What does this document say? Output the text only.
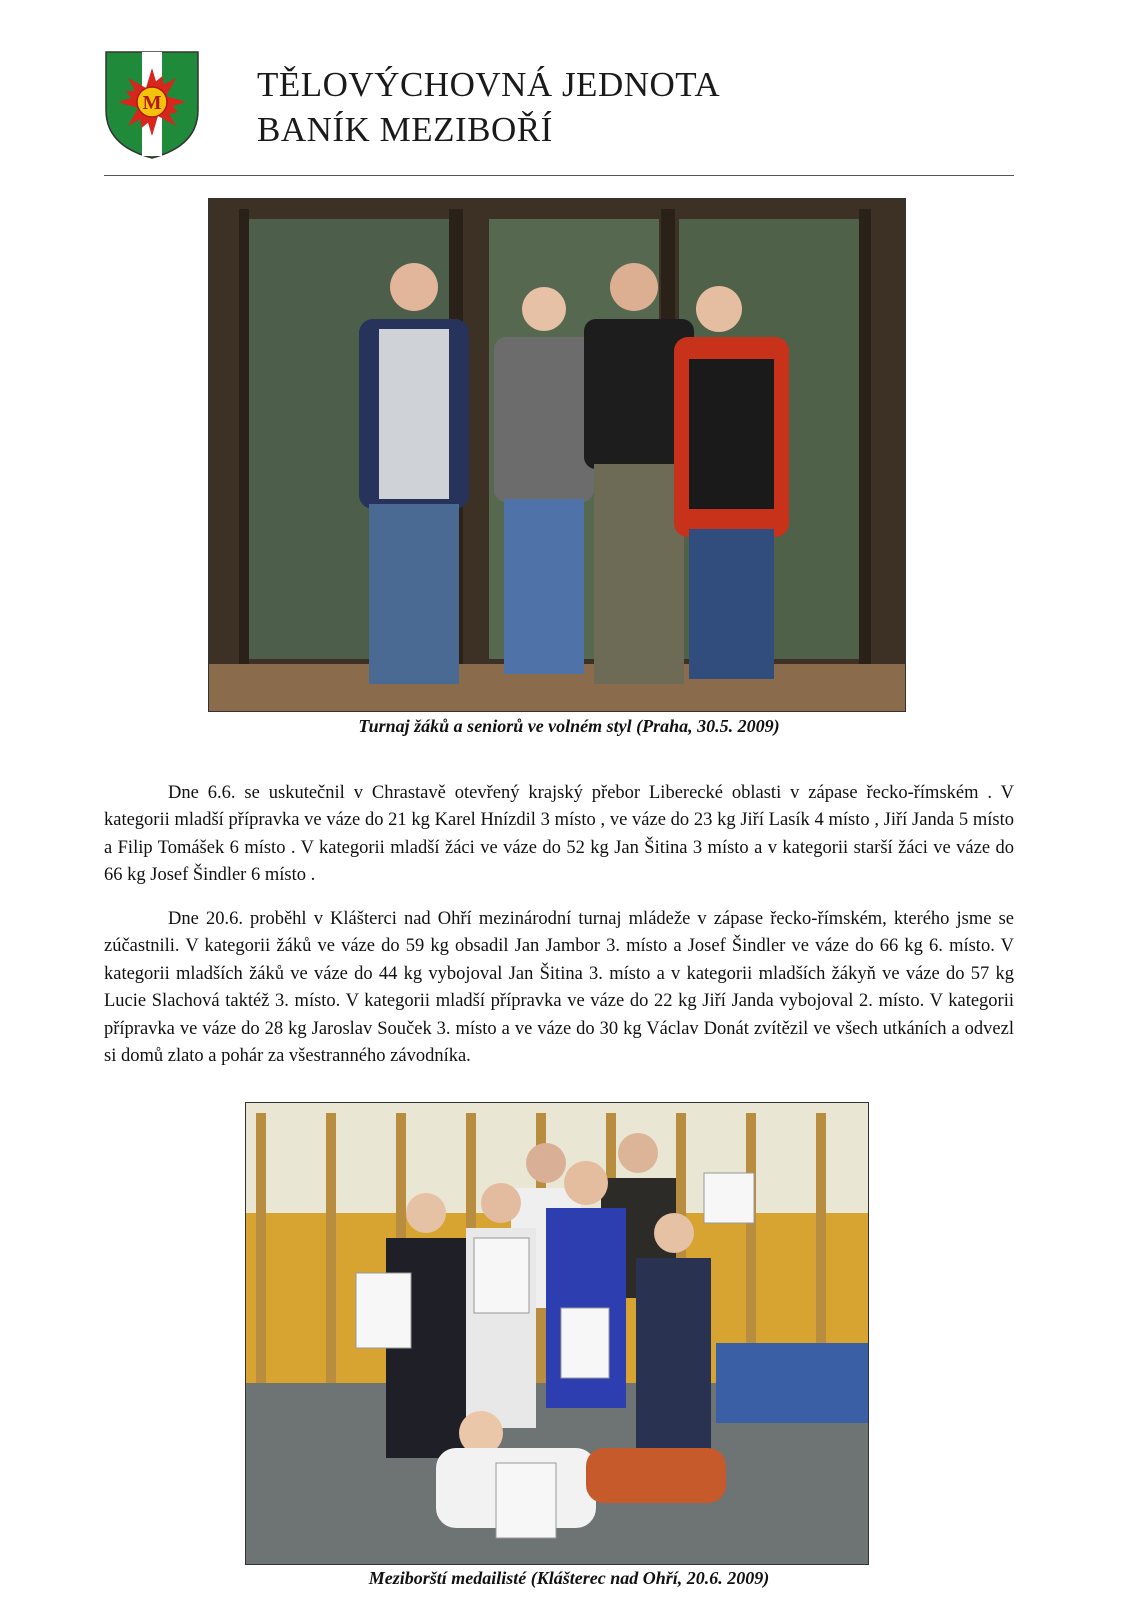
M	TĚLOVÝCHOVNÁ JEDNOTA
BANÍK MEZIBOŘÍ
Turnaj žáků a seniorů ve volném styl (Praha, 30.5. 2009)

Dne 6.6. se uskutečnil v Chrastavě otevřený krajský přebor Liberecké oblasti v zápase řecko-římském . V kategorii mladší přípravka ve váze do 21 kg Karel Hnízdil 3 místo , ve váze do 23 kg Jiří Lasík 4 místo , Jiří Janda 5 místo a Filip Tomášek 6 místo . V kategorii mladší žáci ve váze do 52 kg Jan Šitina 3 místo a v kategorii starší žáci ve váze do 66 kg Josef Šindler 6 místo .

Dne 20.6. proběhl v Klášterci nad Ohří mezinárodní turnaj mládeže v zápase řecko-římském, kterého jsme se zúčastnili. V kategorii žáků ve váze do 59 kg obsadil Jan Jambor 3. místo a Josef Šindler ve váze do 66 kg 6. místo. V kategorii mladších žáků ve váze do 44 kg vybojoval Jan Šitina 3. místo a v kategorii mladších žákyň ve váze do 57 kg Lucie Slachová taktéž 3. místo. V kategorii mladší přípravka ve váze do 22 kg Jiří Janda vybojoval 2. místo. V kategorii přípravka ve váze do 28 kg Jaroslav Souček 3. místo a ve váze do 30 kg Václav Donát zvítězil ve všech utkáních a odvezl si domů zlato a pohár za všestranného závodníka.

Meziborští medailisté (Klášterec nad Ohří, 20.6. 2009)
